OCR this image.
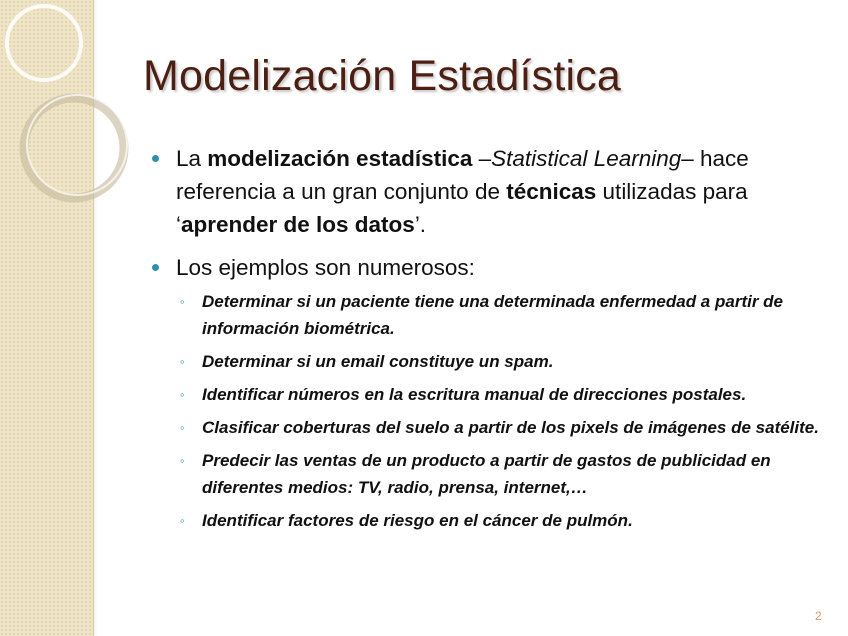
Modelización Estadística
La modelización estadística –Statistical Learning– hace referencia a un gran conjunto de técnicas utilizadas para ‘aprender de los datos’.
Los ejemplos son numerosos:
◦ Determinar si un paciente tiene una determinada enfermedad a partir de información biométrica.
◦ Determinar si un email constituye un spam.
◦ Identificar números en la escritura manual de direcciones postales.
◦ Clasificar coberturas del suelo a partir de los pixels de imágenes de satélite.
◦ Predecir las ventas de un producto a partir de gastos de publicidad en diferentes medios: TV, radio, prensa, internet,…
◦ Identificar factores de riesgo en el cáncer de pulmón.
2
